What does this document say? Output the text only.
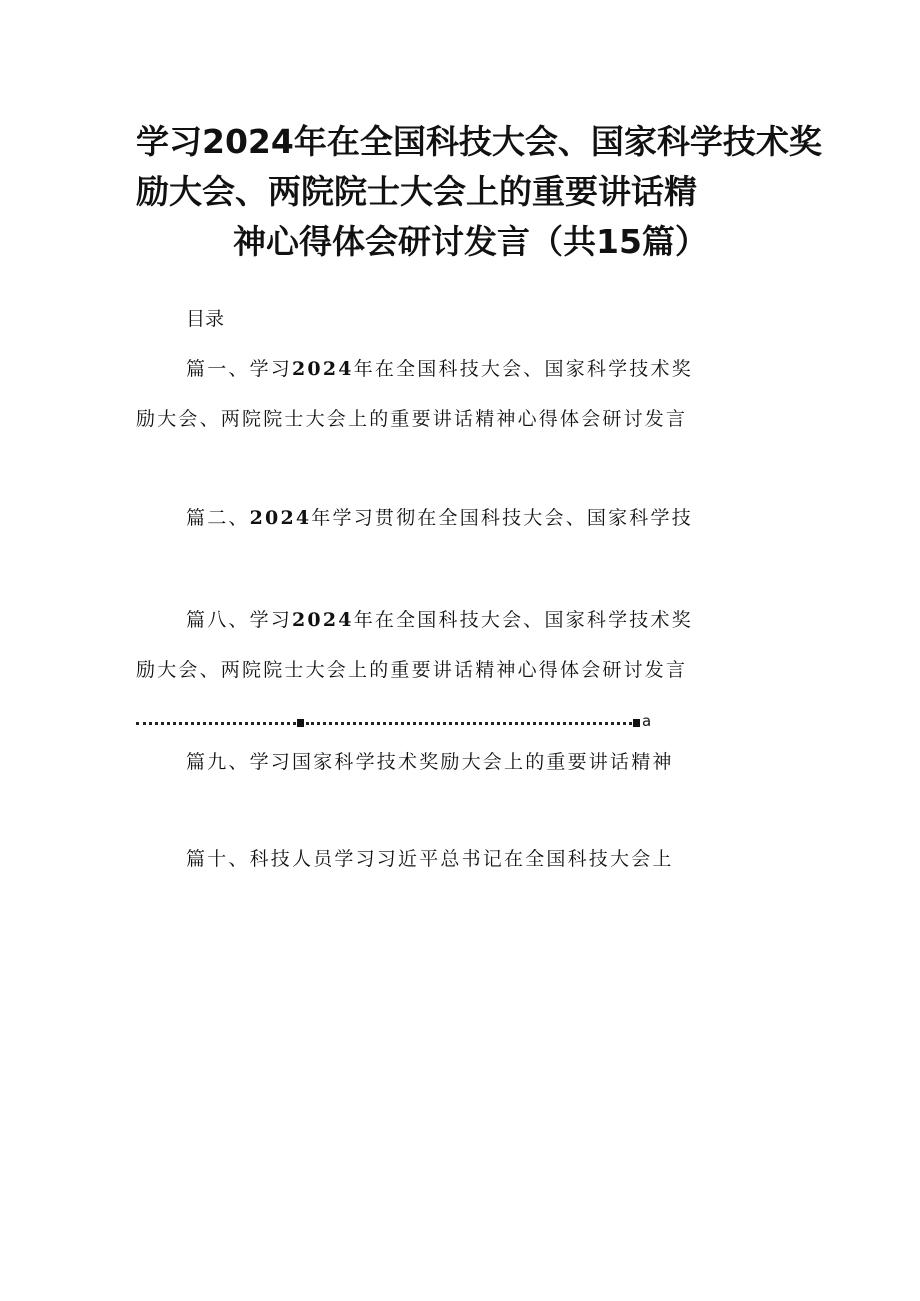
学习2024年在全国科技大会、国家科学技术奖
励大会、两院院士大会上的重要讲话精
神心得体会研讨发言（共15篇）
目录
篇一、学习2024年在全国科技大会、国家科学技术奖
励大会、两院院士大会上的重要讲话精神心得体会研讨发言
篇二、2024年学习贯彻在全国科技大会、国家科学技
篇八、学习2024年在全国科技大会、国家科学技术奖
励大会、两院院士大会上的重要讲话精神心得体会研讨发言
a
篇九、学习国家科学技术奖励大会上的重要讲话精神
篇十、科技人员学习习近平总书记在全国科技大会上
